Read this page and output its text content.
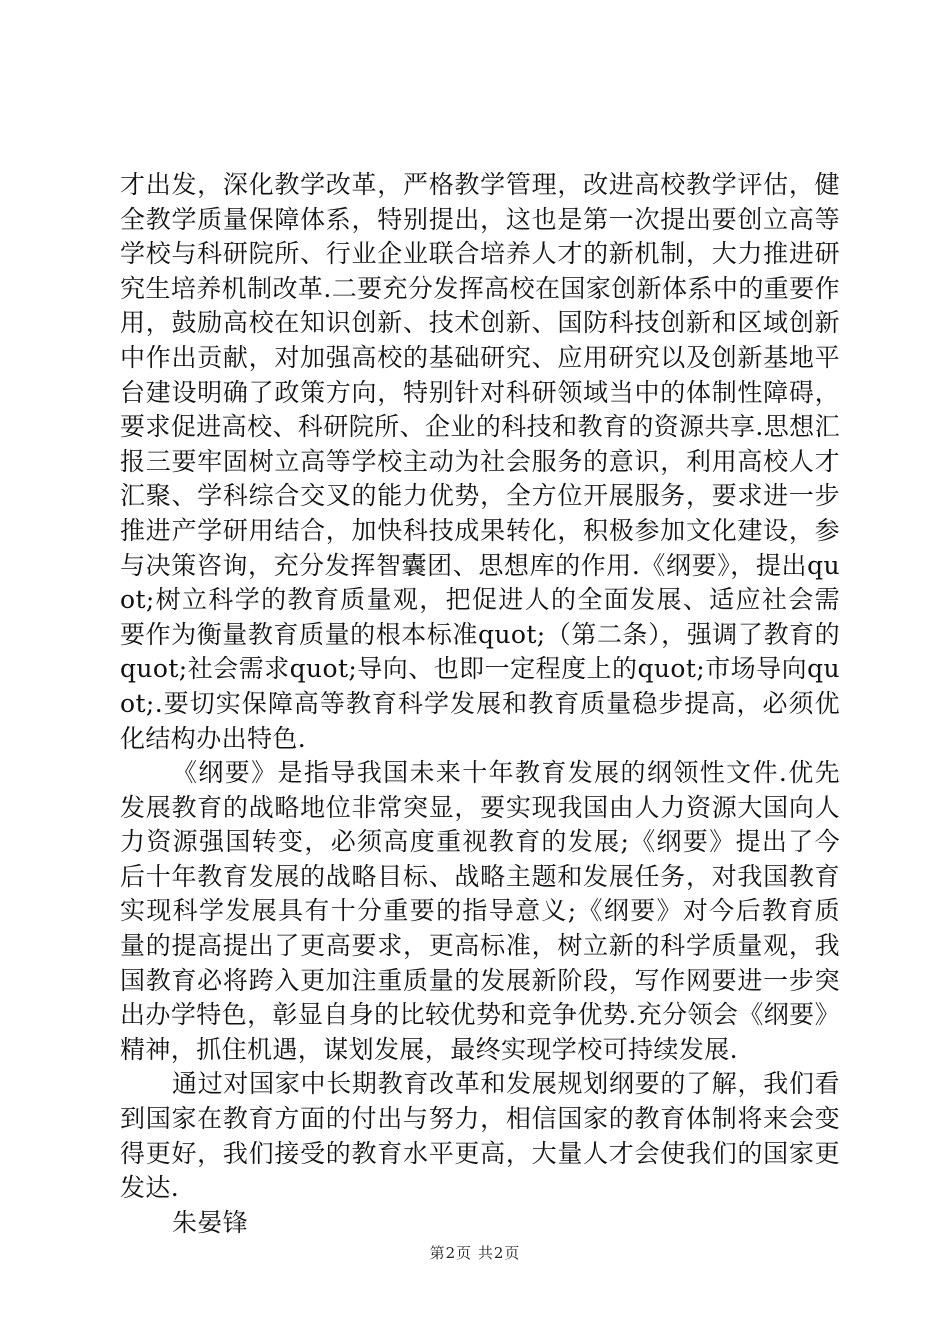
才出发，深化教学改革，严格教学管理，改进高校教学评估，健全教学质量保障体系，特别提出，这也是第一次提出要创立高等学校与科研院所、行业企业联合培养人才的新机制，大力推进研究生培养机制改革.二要充分发挥高校在国家创新体系中的重要作用，鼓励高校在知识创新、技术创新、国防科技创新和区域创新中作出贡献，对加强高校的基础研究、应用研究以及创新基地平台建设明确了政策方向，特别针对科研领域当中的体制性障碍，要求促进高校、科研院所、企业的科技和教育的资源共享.思想汇报三要牢固树立高等学校主动为社会服务的意识，利用高校人才汇聚、学科综合交叉的能力优势，全方位开展服务，要求进一步推进产学研用结合，加快科技成果转化，积极参加文化建设，参与决策咨询，充分发挥智囊团、思想库的作用.《纲要》，提出quot;树立科学的教育质量观，把促进人的全面发展、适应社会需要作为衡量教育质量的根本标准quot;（第二条），强调了教育的quot;社会需求quot;导向、也即一定程度上的quot;市场导向quot;.要切实保障高等教育科学发展和教育质量稳步提高，必须优化结构办出特色.

《纲要》是指导我国未来十年教育发展的纲领性文件.优先发展教育的战略地位非常突显，要实现我国由人力资源大国向人力资源强国转变，必须高度重视教育的发展;《纲要》提出了今后十年教育发展的战略目标、战略主题和发展任务，对我国教育实现科学发展具有十分重要的指导意义;《纲要》对今后教育质量的提高提出了更高要求，更高标准，树立新的科学质量观，我国教育必将跨入更加注重质量的发展新阶段，写作网要进一步突出办学特色，彰显自身的比较优势和竞争优势.充分领会《纲要》精神，抓住机遇，谋划发展，最终实现学校可持续发展.

通过对国家中长期教育改革和发展规划纲要的了解，我们看到国家在教育方面的付出与努力，相信国家的教育体制将来会变得更好，我们接受的教育水平更高，大量人才会使我们的国家更发达.

朱晏锋

第2页 共2页
